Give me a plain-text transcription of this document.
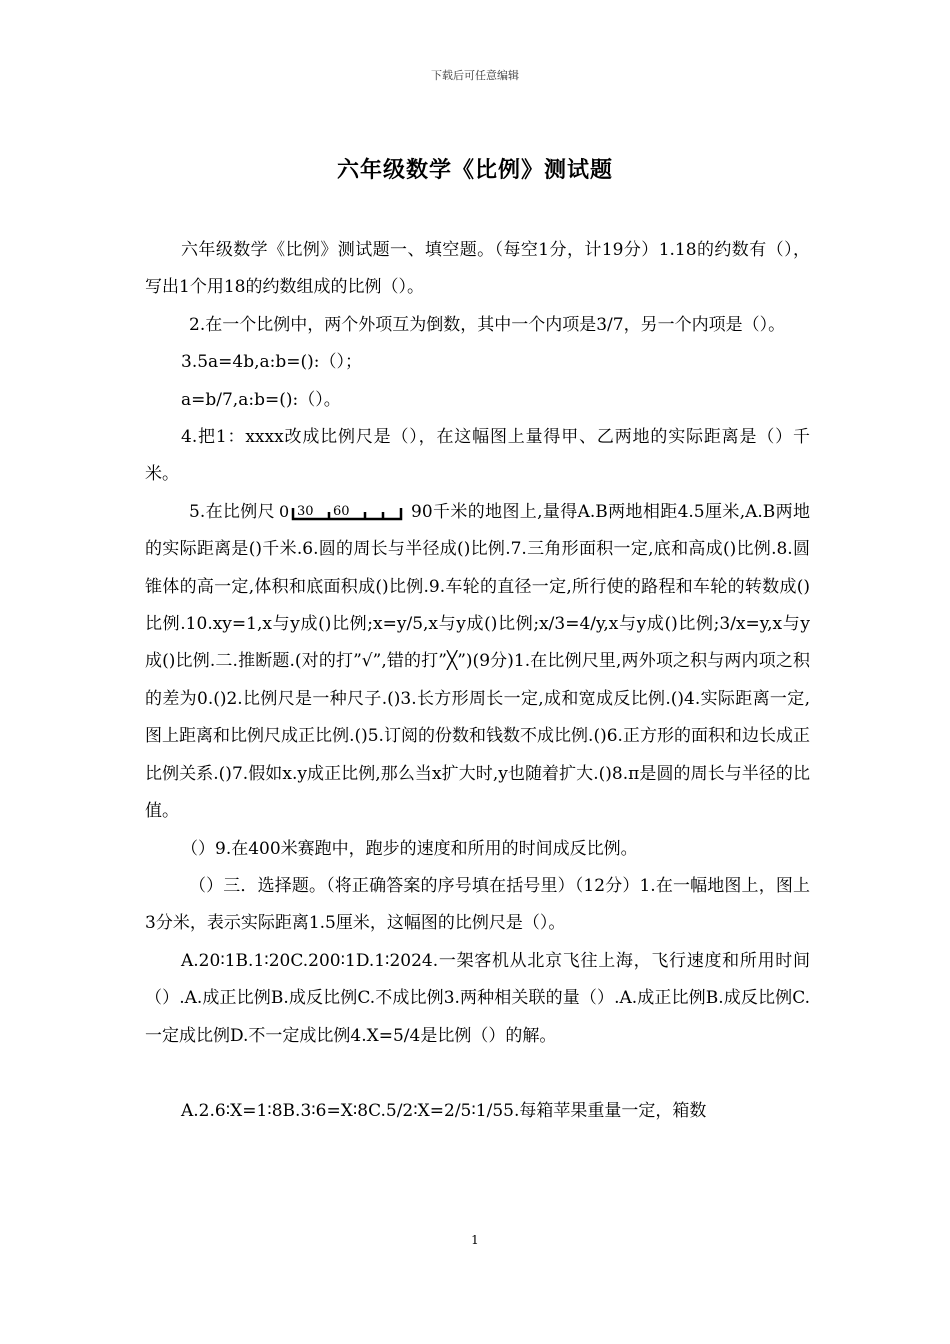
下载后可任意编辑
六年级数学《比例》测试题

六年级数学《比例》测试题一、填空题。（每空1分，计19分）1.18的约数有（），写出1个用18的约数组成的比例（）。

2.在一个比例中，两个外项互为倒数，其中一个内项是3/7，另一个内项是（）。

3.5a=4b,a:b=():（）；

a=b/7,a:b=():（）。

4.把1：xxxx改成比例尺是（），在这幅图上量得甲、乙两地的实际距离是（）千米。

5.在比例尺 0 30 60	90千米的地图上,量得A.B两地相距4.5厘米,A.B两地的实际距离是()千米.6.圆的周长与半径成()比例.7.三角形面积一定,底和高成()比例.8.圆锥体的高一定,体积和底面积成()比例.9.车轮的直径一定,所行使的路程和车轮的转数成()比例.10.xy=1,x与y成()比例;x=y/5,x与y成()比例;x/3=4/y,x与y成()比例;3/x=y,x与y成()比例.二.推断题.(对的打”√”,错的打”╳”)(9分)1.在比例尺里,两外项之积与两内项之积的差为0.()2.比例尺是一种尺子.()3.长方形周长一定,成和宽成反比例.()4.实际距离一定,图上距离和比例尺成正比例.()5.订阅的份数和钱数不成比例.()6.正方形的面积和边长成正比例关系.()7.假如x.y成正比例,那么当x扩大时,y也随着扩大.()8.π是圆的周长与半径的比值。

（）9.在400米赛跑中，跑步的速度和所用的时间成反比例。

（）三．选择题。（将正确答案的序号填在括号里）（12分）1.在一幅地图上，图上3分米，表示实际距离1.5厘米，这幅图的比例尺是（）。

A.20∶1B.1∶20C.200∶1D.1∶2024.一架客机从北京飞往上海，飞行速度和所用时间（）.A.成正比例B.成反比例C.不成比例3.两种相关联的量（）.A.成正比例B.成反比例C.一定成比例D.不一定成比例4.X=5/4是比例（）的解。

A.2.6∶X=1∶8B.3∶6=X∶8C.5/2∶X=2/5∶1/55.每箱苹果重量一定，箱数

1
